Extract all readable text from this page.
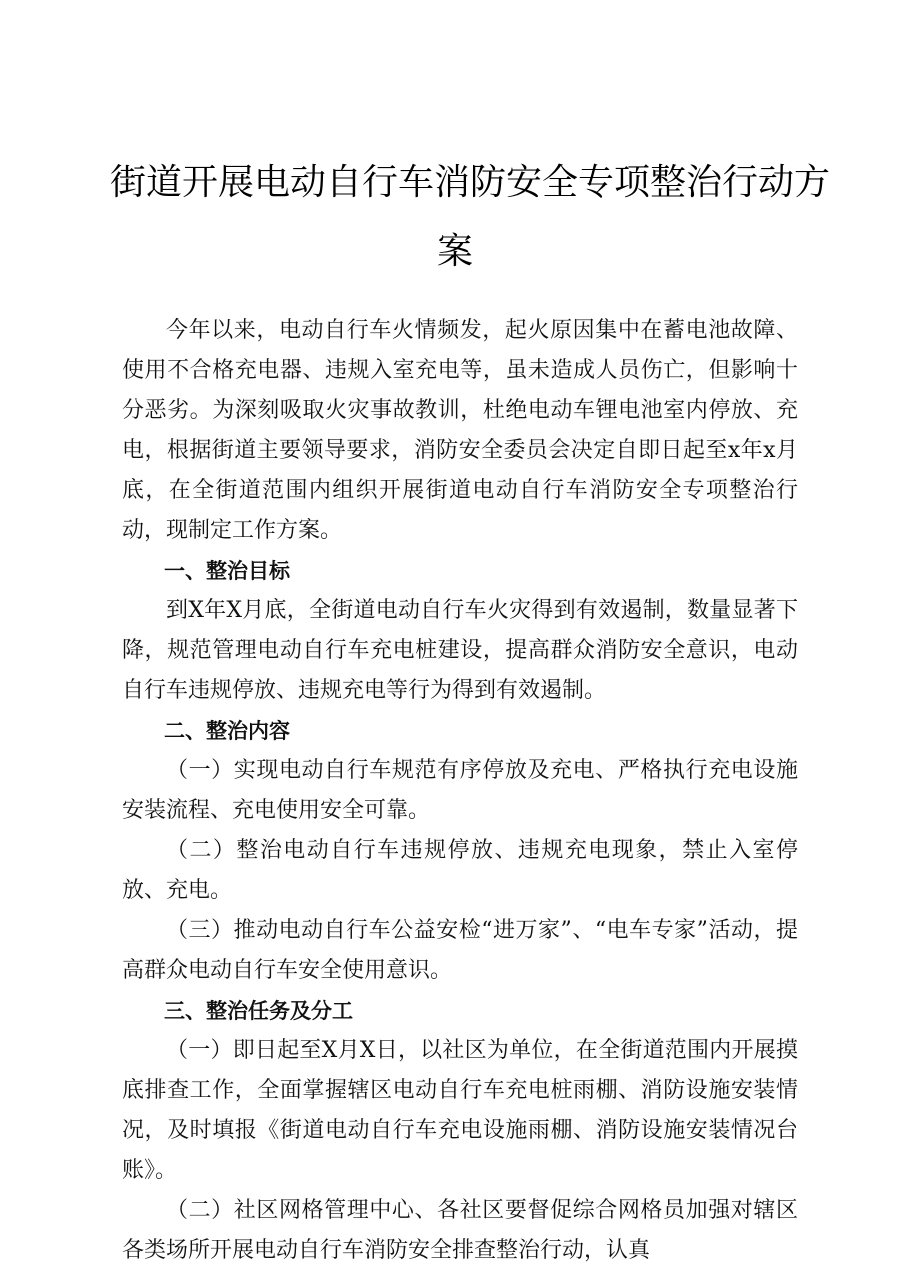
街道开展电动自行车消防安全专项整治行动方
案

今年以来，电动自行车火情频发，起火原因集中在蓄电池故障、使用不合格充电器、违规入室充电等，虽未造成人员伤亡，但影响十分恶劣。为深刻吸取火灾事故教训，杜绝电动车锂电池室内停放、充电，根据街道主要领导要求，消防安全委员会决定自即日起至x年x月底，在全街道范围内组织开展街道电动自行车消防安全专项整治行动，现制定工作方案。

一、整治目标

到X年X月底，全街道电动自行车火灾得到有效遏制，数量显著下降，规范管理电动自行车充电桩建设，提高群众消防安全意识，电动自行车违规停放、违规充电等行为得到有效遏制。

二、整治内容

（一）实现电动自行车规范有序停放及充电、严格执行充电设施安装流程、充电使用安全可靠。

（二）整治电动自行车违规停放、违规充电现象，禁止入室停放、充电。

（三）推动电动自行车公益安检“进万家”、“电车专家”活动，提高群众电动自行车安全使用意识。

三、整治任务及分工

（一）即日起至X月X日，以社区为单位，在全街道范围内开展摸底排查工作，全面掌握辖区电动自行车充电桩雨棚、消防设施安装情况，及时填报《街道电动自行车充电设施雨棚、消防设施安装情况台账》。

（二）社区网格管理中心、各社区要督促综合网格员加强对辖区各类场所开展电动自行车消防安全排查整治行动，认真
